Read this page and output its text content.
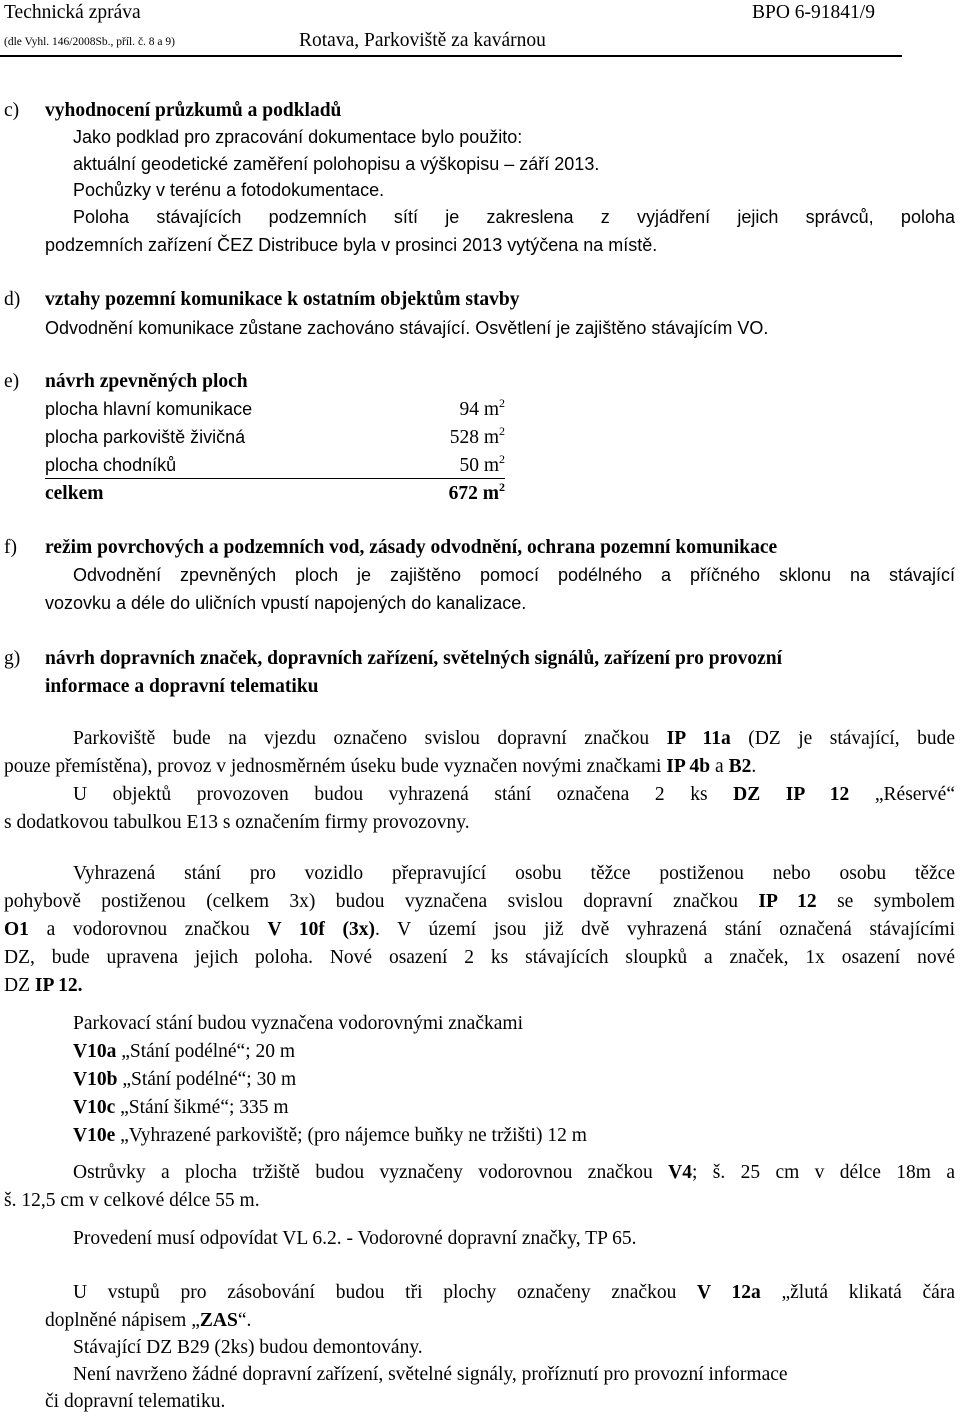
Technická zpráva
(dle Vyhl. 146/2008Sb., příl. č. 8 a 9)
BPO 6-91841/9
Rotava, Parkoviště za kavárnou
c) vyhodnocení průzkumů a podkladů
Jako podklad pro zpracování dokumentace bylo použito:
aktuální geodetické zaměření polohopisu a výškopisu – září 2013.
Pochůzky v terénu a fotodokumentace.
Poloha stávajících podzemních sítí je zakreslena z vyjádření jejich správců, poloha
podzemních zařízení ČEZ Distribuce byla v prosinci 2013 vytýčena na místě.
d) vztahy pozemní komunikace k ostatním objektům stavby
Odvodnění komunikace zůstane zachováno stávající. Osvětlení je zajištěno stávajícím VO.
e) návrh zpevněných ploch
plocha hlavní komunikace	94 $m^2$
plocha parkoviště živičná	528 $m^2$
plocha chodníků	50 $m^2$
celkem	672 $m^2$
f) režim povrchových a podzemních vod, zásady odvodnění, ochrana pozemní komunikace
Odvodnění zpevněných ploch je zajištěno pomocí podélného a příčného sklonu na stávající
vozovku a déle do uličních vpustí napojených do kanalizace.
g) návrh dopravních značek, dopravních zařízení, světelných signálů, zařízení pro provozní
informace a dopravní telematiku
Parkoviště bude na vjezdu označeno svislou dopravní značkou IP 11a (DZ je stávající, bude
pouze přemístěna), provoz v jednosměrném úseku bude vyznačen novými značkami IP 4b a B2.
U objektů provozoven budou vyhrazená stání označena 2 ks DZ IP 12 „Réservé“
s dodatkovou tabulkou E13 s označením firmy provozovny.
Vyhrazená stání pro vozidlo přepravující osobu těžce postiženou nebo osobu těžce
pohybově postiženou (celkem 3x) budou vyznačena svislou dopravní značkou IP 12 se symbolem
O1 a vodorovnou značkou V 10f (3x). V území jsou již dvě vyhrazená stání označená stávajícími
DZ, bude upravena jejich poloha. Nové osazení 2 ks stávajících sloupků a značek, 1x osazení nové
DZ IP 12.
Parkovací stání budou vyznačena vodorovnými značkami
V10a „Stání podélné“; 20 m
V10b „Stání podélné“; 30 m
V10c „Stání šikmé“; 335 m
V10e „Vyhrazené parkoviště; (pro nájemce buňky ne tržišti) 12 m
Ostrůvky a plocha tržiště budou vyznačeny vodorovnou značkou V4; š. 25 cm v délce 18m a
š. 12,5 cm v celkové délce 55 m.
Provedení musí odpovídat VL 6.2. - Vodorovné dopravní značky, TP 65.
U vstupů pro zásobování budou tři plochy označeny značkou V 12a „žlutá klikatá čára
doplněné nápisem „ZAS“.
Stávající DZ B29 (2ks) budou demontovány.
Není navrženo žádné dopravní zařízení, světelné signály, proříznutí pro provozní informace
či dopravní telematiku.
